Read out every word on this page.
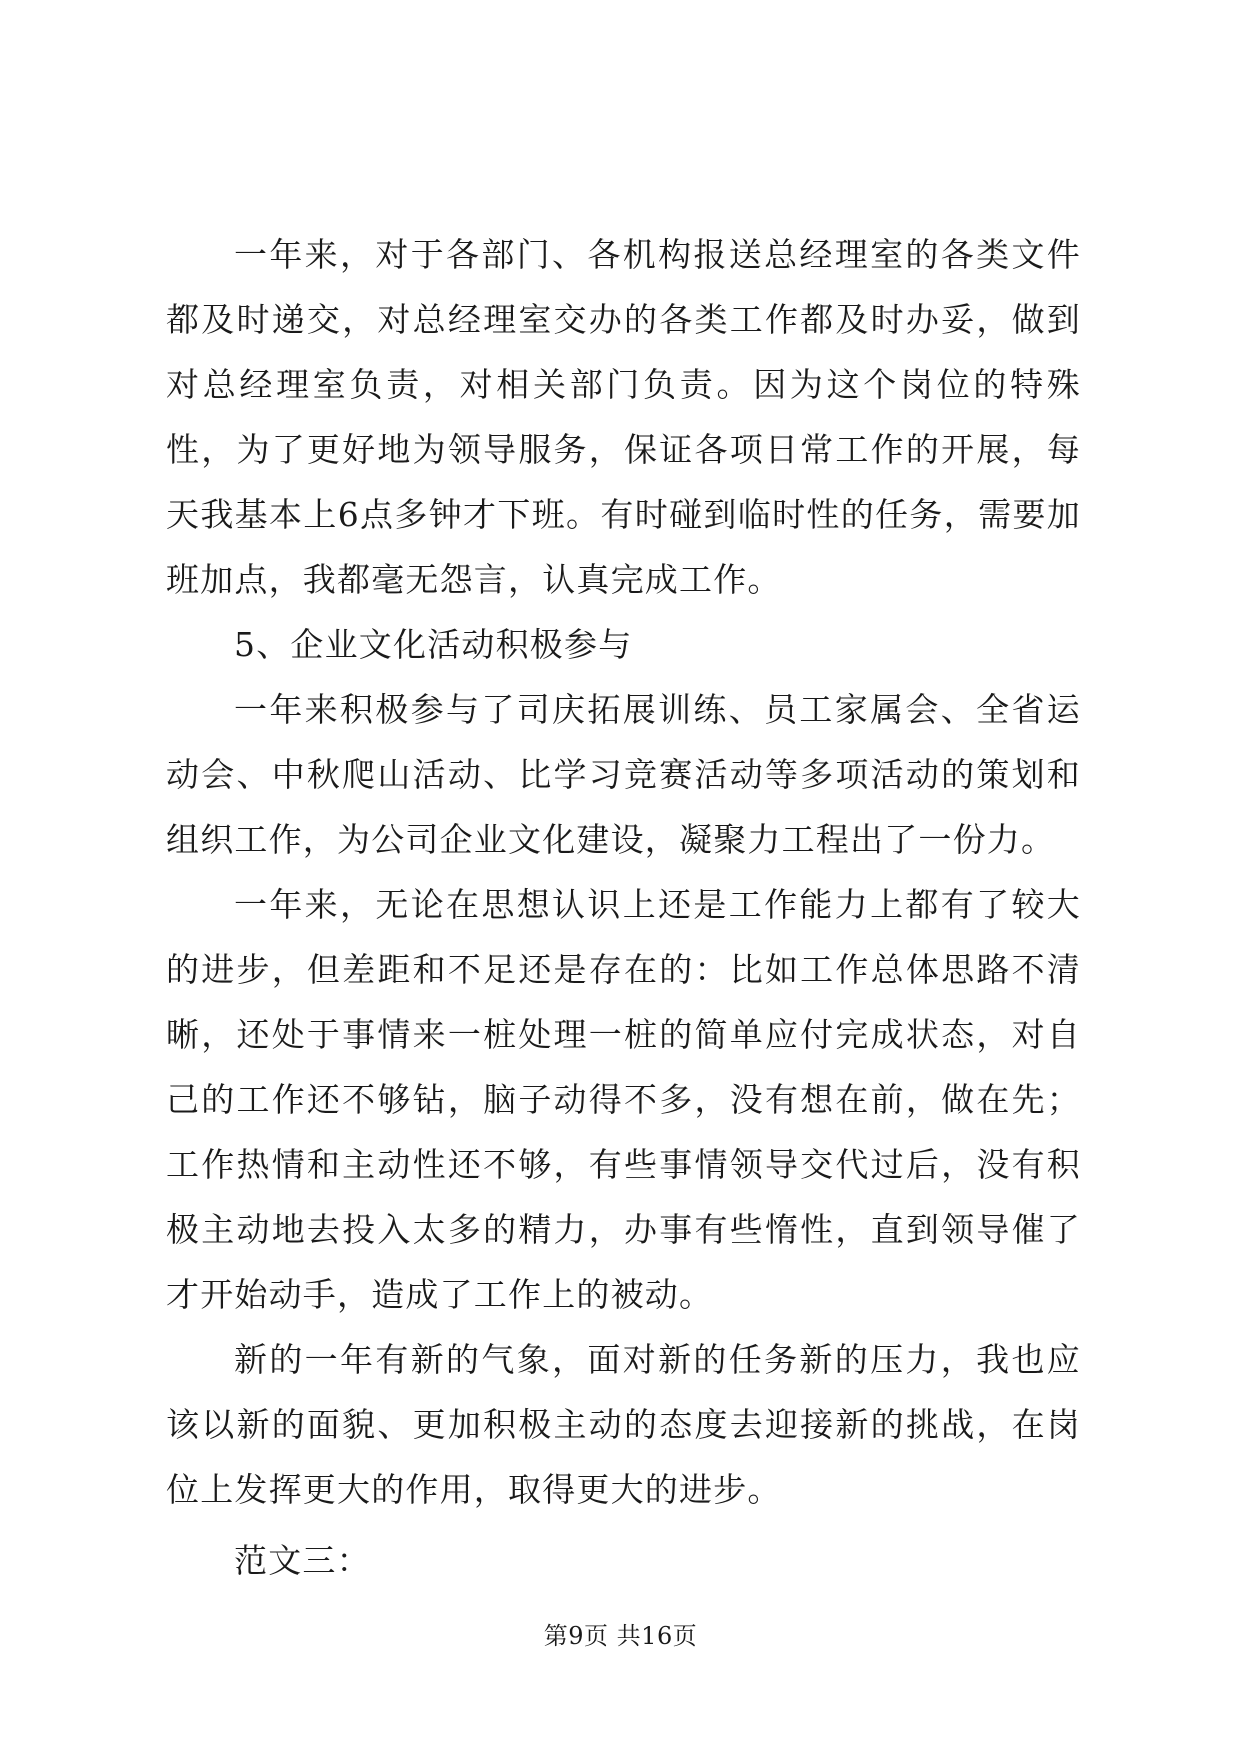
一年来，对于各部门、各机构报送总经理室的各类文件都及时递交，对总经理室交办的各类工作都及时办妥，做到对总经理室负责，对相关部门负责。因为这个岗位的特殊性，为了更好地为领导服务，保证各项日常工作的开展，每天我基本上6点多钟才下班。有时碰到临时性的任务，需要加班加点，我都毫无怨言，认真完成工作。

5、企业文化活动积极参与

一年来积极参与了司庆拓展训练、员工家属会、全省运动会、中秋爬山活动、比学习竞赛活动等多项活动的策划和组织工作，为公司企业文化建设，凝聚力工程出了一份力。

一年来，无论在思想认识上还是工作能力上都有了较大的进步，但差距和不足还是存在的：比如工作总体思路不清晰，还处于事情来一桩处理一桩的简单应付完成状态，对自己的工作还不够钻，脑子动得不多，没有想在前，做在先；工作热情和主动性还不够，有些事情领导交代过后，没有积极主动地去投入太多的精力，办事有些惰性，直到领导催了才开始动手，造成了工作上的被动。

新的一年有新的气象，面对新的任务新的压力，我也应该以新的面貌、更加积极主动的态度去迎接新的挑战，在岗位上发挥更大的作用，取得更大的进步。

范文三：

第9页 共16页
